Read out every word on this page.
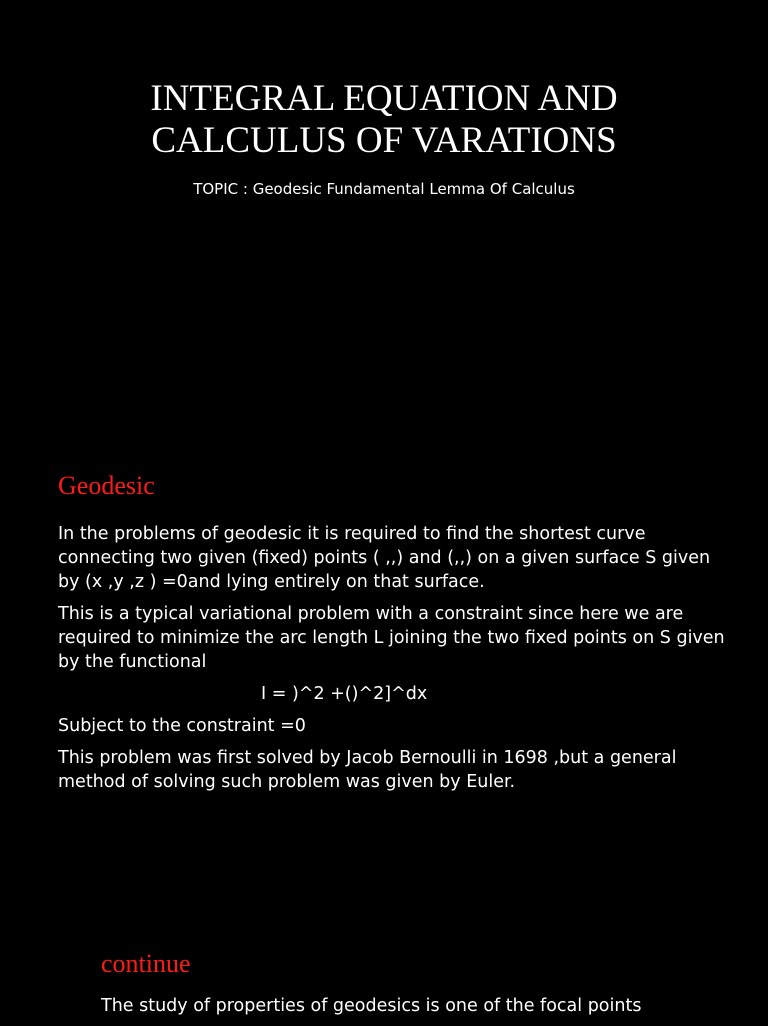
INTEGRAL EQUATION AND
CALCULUS OF VARATIONS
TOPIC : Geodesic Fundamental Lemma Of Calculus
Geodesic

In the problems of geodesic it is required to find the shortest curve connecting two given (fixed) points ( ,,) and (,,) on a given surface S given by (x ,y ,z ) =0and lying entirely on that surface.

This is a typical variational problem with a constraint since here we are required to minimize the arc length L joining the two fixed points on S given by the functional

I = )^2 +()^2]^dx

Subject to the constraint =0

This problem was first solved by Jacob Bernoulli in 1698 ,but a general method of solving such problem was given by Euler.

continue

The study of properties of geodesics is one of the focal points
